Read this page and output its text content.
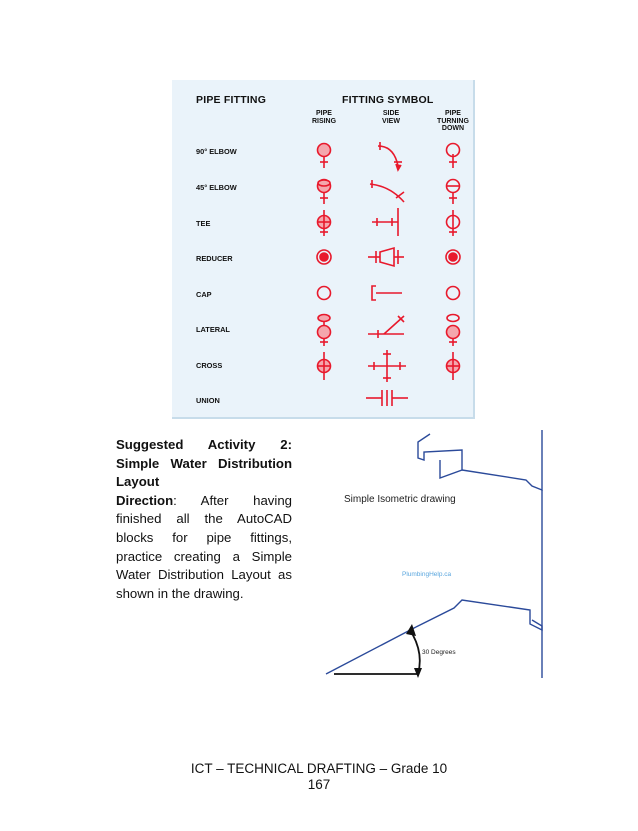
PIPE FITTING	FITTING SYMBOL
PIPE
RISING
SIDE
VIEW
PIPE
TURNING
DOWN
90° ELBOW
45° ELBOW
TEE
REDUCER
CAP
LATERAL
CROSS
UNION
Suggested Activity 2:
Simple Water Distribution
Layout
Direction: After having
finished all the AutoCAD
blocks for pipe fittings,
practice creating a Simple
Water Distribution Layout as
shown in the drawing.
Simple Isometric drawing
PlumbingHelp.ca
30 Degrees
ICT – TECHNICAL DRAFTING – Grade 10
167
